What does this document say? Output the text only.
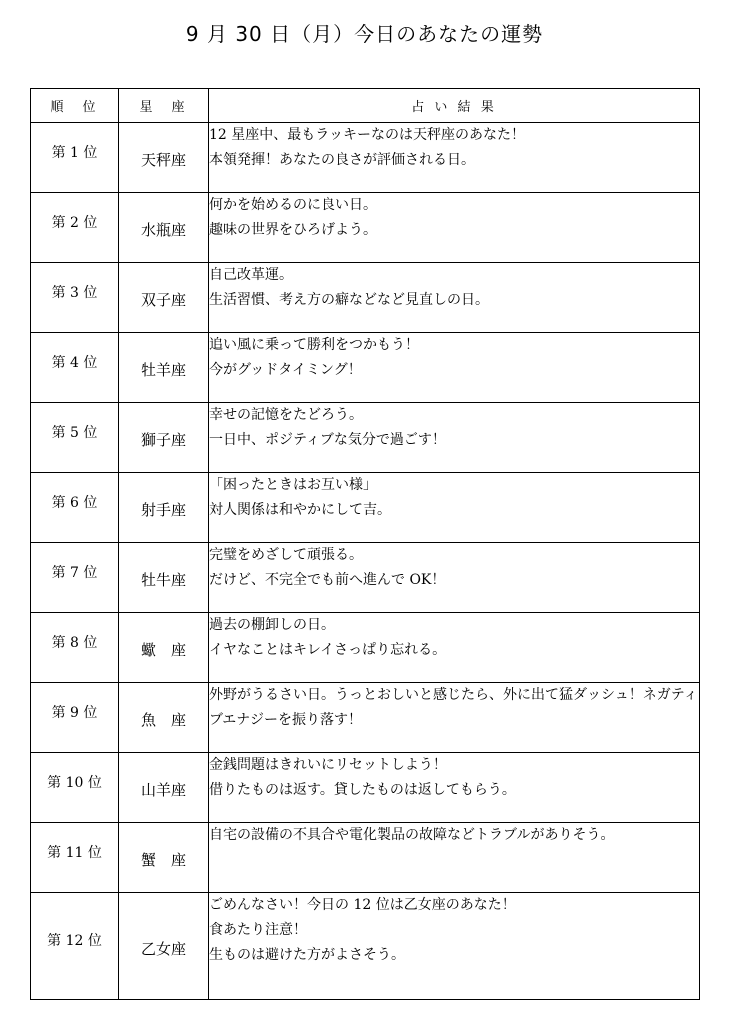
9 月 30 日（月）今日のあなたの運勢
順　位	星　座	占 い 結 果
第 1 位	天秤座	12 星座中、最もラッキーなのは天秤座のあなた！
本領発揮！あなたの良さが評価される日。

第 2 位	水瓶座	何かを始めるのに良い日。
趣味の世界をひろげよう。

第 3 位	双子座	自己改革運。
生活習慣、考え方の癖などなど見直しの日。

第 4 位	牡羊座	追い風に乗って勝利をつかもう！
今がグッドタイミング！

第 5 位	獅子座	幸せの記憶をたどろう。
一日中、ポジティブな気分で過ごす！

第 6 位	射手座	「困ったときはお互い様」
対人関係は和やかにして吉。

第 7 位	牡牛座	完璧をめざして頑張る。
だけど、不完全でも前へ進んで OK！

第 8 位	蠍　座	過去の棚卸しの日。
イヤなことはキレイさっぱり忘れる。

第 9 位	魚　座	外野がうるさい日。うっとおしいと感じたら、外に出て猛ダッシュ！ネガティブエナジーを振り落す！

第 10 位	山羊座	金銭問題はきれいにリセットしよう！
借りたものは返す。貸したものは返してもらう。

第 11 位	蟹　座	自宅の設備の不具合や電化製品の故障などトラブルがありそう。

第 12 位	乙女座	ごめんなさい！今日の 12 位は乙女座のあなた！
食あたり注意！
生ものは避けた方がよさそう。
